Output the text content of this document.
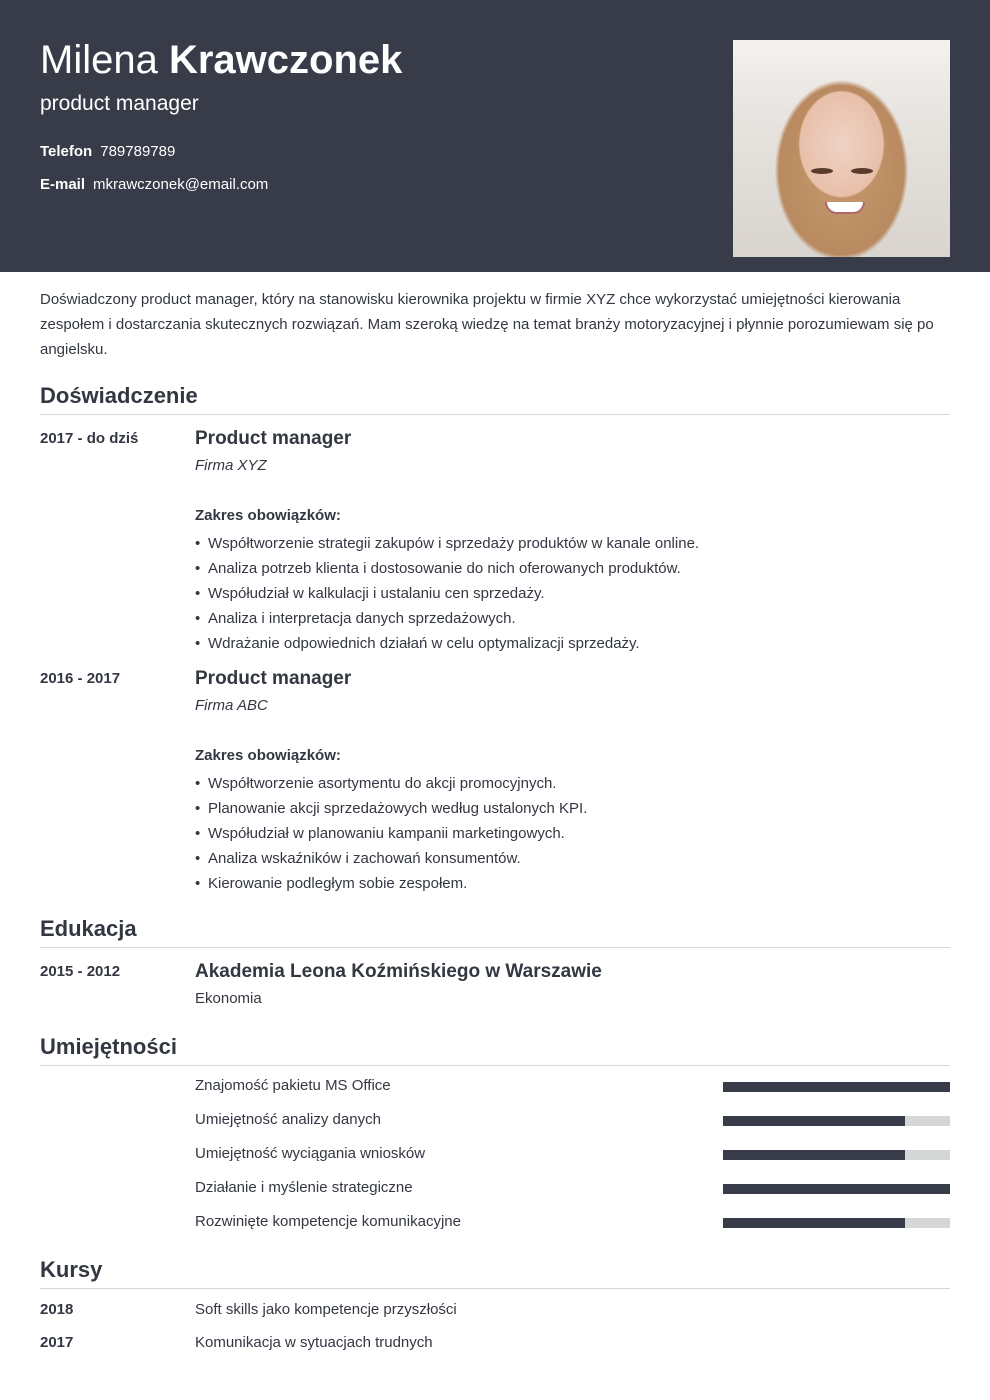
Milena Krawczonek
product manager
Telefon 789789789
E-mail mkrawczonek@email.com
Doświadczony product manager, który na stanowisku kierownika projektu w firmie XYZ chce wykorzystać umiejętności kierowania zespołem i dostarczania skutecznych rozwiązań. Mam szeroką wiedzę na temat branży motoryzacyjnej i płynnie porozumiewam się po angielsku.
Doświadczenie
2017 - do dziś	Product manager
Firma XYZ
Zakres obowiązków:
• Współtworzenie strategii zakupów i sprzedaży produktów w kanale online.
• Analiza potrzeb klienta i dostosowanie do nich oferowanych produktów.
• Współudział w kalkulacji i ustalaniu cen sprzedaży.
• Analiza i interpretacja danych sprzedażowych.
• Wdrażanie odpowiednich działań w celu optymalizacji sprzedaży.
2016 - 2017	Product manager
Firma ABC
Zakres obowiązków:
• Współtworzenie asortymentu do akcji promocyjnych.
• Planowanie akcji sprzedażowych według ustalonych KPI.
• Współudział w planowaniu kampanii marketingowych.
• Analiza wskaźników i zachowań konsumentów.
• Kierowanie podległym sobie zespołem.
Edukacja
2015 - 2012	Akademia Leona Koźmińskiego w Warszawie
Ekonomia
Umiejętności
Znajomość pakietu MS Office
Umiejętność analizy danych
Umiejętność wyciągania wniosków
Działanie i myślenie strategiczne
Rozwinięte kompetencje komunikacyjne
Kursy
2018	Soft skills jako kompetencje przyszłości
2017	Komunikacja w sytuacjach trudnych
